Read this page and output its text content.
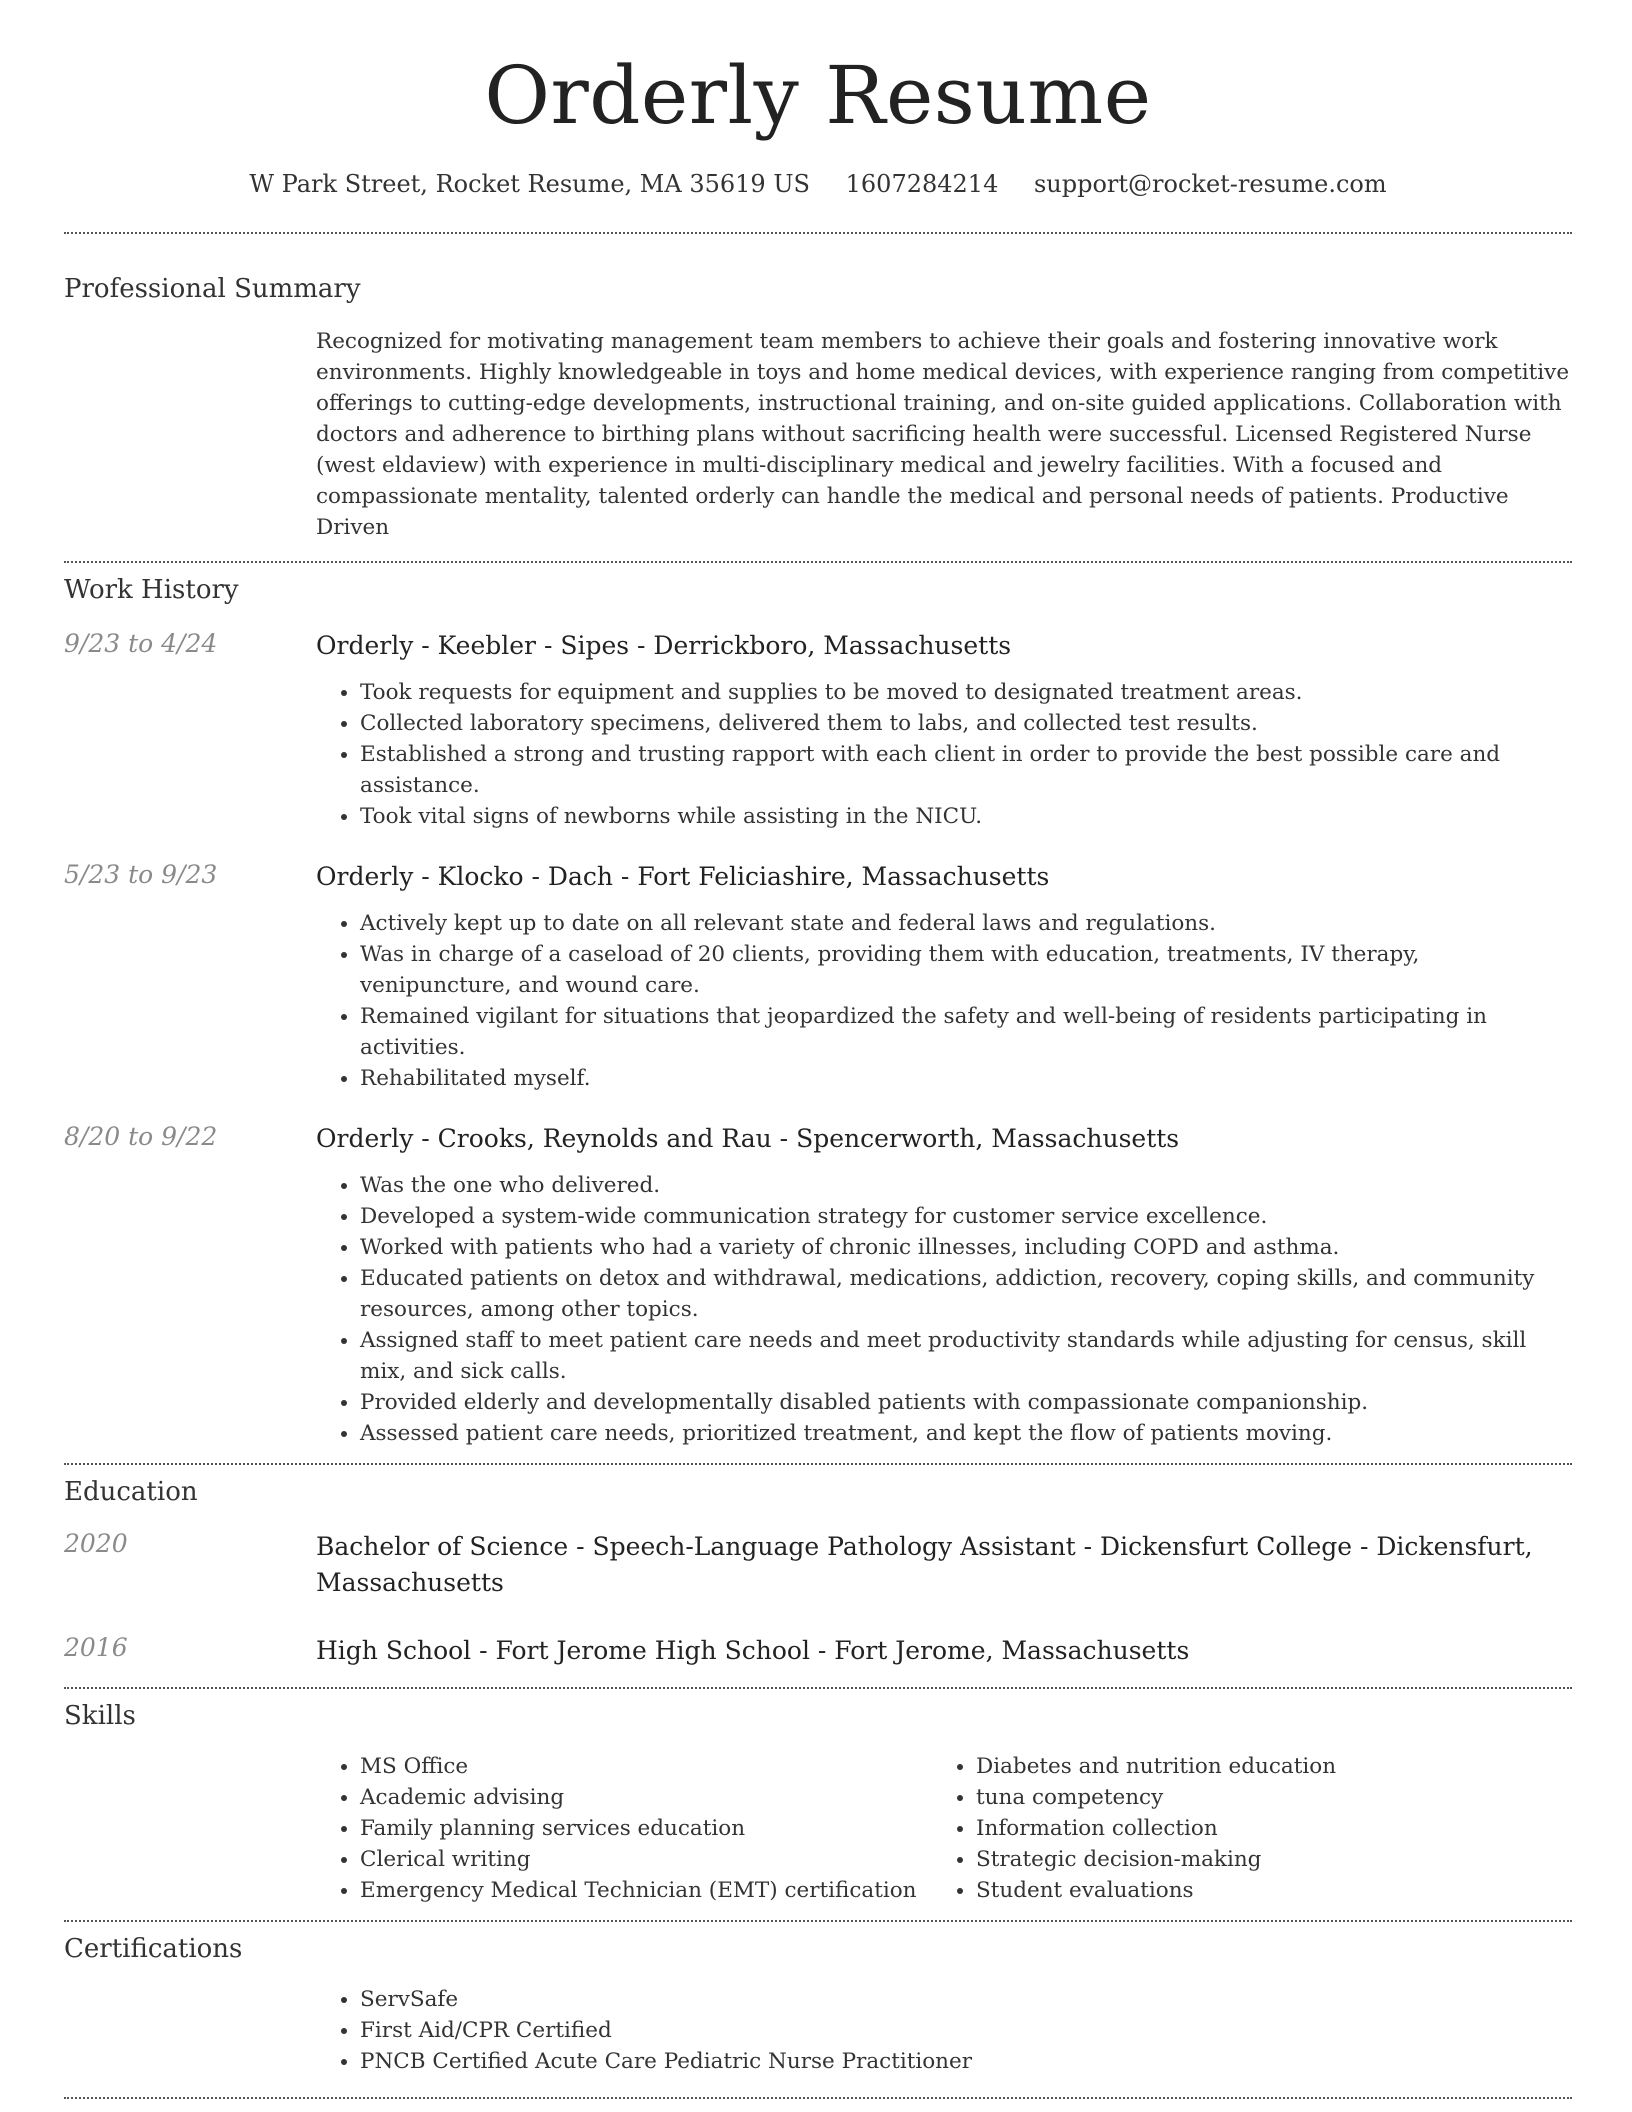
Orderly Resume
W Park Street, Rocket Resume, MA 35619 US 1607284214 support@rocket-resume.com
Professional Summary
Recognized for motivating management team members to achieve their goals and fostering innovative work environments. Highly knowledgeable in toys and home medical devices, with experience ranging from competitive offerings to cutting-edge developments, instructional training, and on-site guided applications. Collaboration with doctors and adherence to birthing plans without sacrificing health were successful. Licensed Registered Nurse (west eldaview) with experience in multi-disciplinary medical and jewelry facilities. With a focused and compassionate mentality, talented orderly can handle the medical and personal needs of patients. Productive Driven
Work History
9/23 to 4/24	Orderly - Keebler - Sipes - Derrickboro, Massachusetts
• Took requests for equipment and supplies to be moved to designated treatment areas.
• Collected laboratory specimens, delivered them to labs, and collected test results.
• Established a strong and trusting rapport with each client in order to provide the best possible care and assistance.
• Took vital signs of newborns while assisting in the NICU.
5/23 to 9/23	Orderly - Klocko - Dach - Fort Feliciashire, Massachusetts
• Actively kept up to date on all relevant state and federal laws and regulations.
• Was in charge of a caseload of 20 clients, providing them with education, treatments, IV therapy, venipuncture, and wound care.
• Remained vigilant for situations that jeopardized the safety and well-being of residents participating in activities.
• Rehabilitated myself.
8/20 to 9/22	Orderly - Crooks, Reynolds and Rau - Spencerworth, Massachusetts
• Was the one who delivered.
• Developed a system-wide communication strategy for customer service excellence.
• Worked with patients who had a variety of chronic illnesses, including COPD and asthma.
• Educated patients on detox and withdrawal, medications, addiction, recovery, coping skills, and community resources, among other topics.
• Assigned staff to meet patient care needs and meet productivity standards while adjusting for census, skill mix, and sick calls.
• Provided elderly and developmentally disabled patients with compassionate companionship.
• Assessed patient care needs, prioritized treatment, and kept the flow of patients moving.
Education
2020	Bachelor of Science - Speech-Language Pathology Assistant - Dickensfurt College - Dickensfurt, Massachusetts
2016	High School - Fort Jerome High School - Fort Jerome, Massachusetts
Skills
• MS Office
• Academic advising
• Family planning services education
• Clerical writing
• Emergency Medical Technician (EMT) certification
• Diabetes and nutrition education
• tuna competency
• Information collection
• Strategic decision-making
• Student evaluations
Certifications
• ServSafe
• First Aid/CPR Certified
• PNCB Certified Acute Care Pediatric Nurse Practitioner
